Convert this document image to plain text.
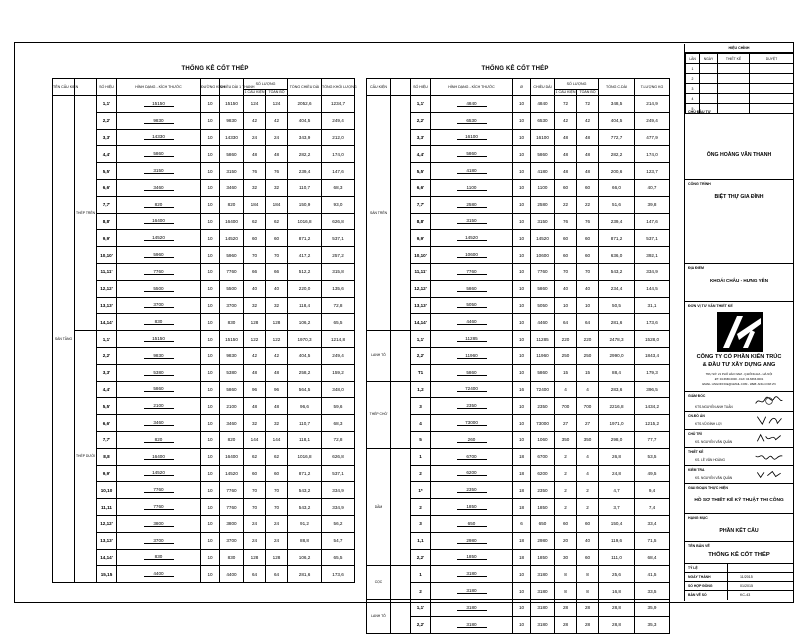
THỐNG KÊ CỐT THÉP
TÊN CẤU KIỆN		SỐ HIỆU	HÌNH DẠNG - KÍCH THƯỚC	ĐƯỜNG KÍNH	CHIỀU DÀI 1 THANH	SỐ LƯỢNG		TỔNG CHIỀU DÀI	TỔNG KHỐI LƯỢNG
						1 CẤU KIỆN	TOÀN BỘ		
SÀN TẦNG	THÉP TRÊN	1,1'	15150	10	15150	124	124	2052,6	1234,7
		2,2'	9830	10	9830	42	42	404,5	249,4
		3,3'	14330	10	14330	24	24	343,9	212,0
		4,4'	5860	10	5860	48	48	282,2	174,0
		5,5'	3150	10	3150	76	76	239,4	147,6
		6,6'	3460	10	3460	32	32	110,7	68,3
		7,7'	820	10	820	184	184	150,9	93,0
		8,8'	16400	10	16400	62	62	1016,8	626,8
		9,9'	14520	10	14520	60	60	871,2	537,1
		10,10'	5960	10	5960	70	70	417,2	257,2
		11,11'	7760	10	7760	66	66	512,2	315,8
		12,12'	5500	10	5500	40	40	220,0	135,6
		13,13'	3700	10	3700	32	32	118,4	72,8
		14,14'	830	10	830	128	128	106,2	65,5
	THÉP DƯỚI	1,1'	15150	10	15150	122	122	1970,3	1214,8
		2,2'	9830	10	9830	42	42	404,5	249,4
		3,3'	5380	10	5380	48	48	258,2	159,2
		4,4'	5860	10	5860	96	96	564,5	348,0
		5,5'	2100	10	2100	48	48	96,6	59,6
		6,6'	3460	10	3460	32	32	110,7	68,3
		7,7'	820	10	820	144	144	118,1	72,8
		8,8	16400	10	16400	62	62	1016,8	626,8
		9,9'	14520	10	14520	60	60	871,2	537,1
		10,10	7760	10	7760	70	70	543,2	334,9
		11,11	7760	10	7760	70	70	543,2	334,9
		12,12'	3800	10	3800	24	24	91,2	56,2
		13,13'	3700	10	3700	24	24	88,8	54,7
		14,14'	830	10	830	128	128	106,2	65,5
		15,15	4400	10	4400	64	64	281,6	173,6
THỐNG KÊ CỐT THÉP
CẤU KIỆN		SỐ HIỆU	HÌNH DẠNG - KÍCH THƯỚC	Ø	CHIỀU DÀI	SỐ LƯỢNG		TỔNG C.DÀI	T.LƯỢNG KG
						1 CẤU KIỆN	TOÀN BỘ		
SÀN TRÊN		1,1'	4840	10	4840	72	72	348,5	214,9
		2,2'	6530	10	6530	42	42	404,5	249,4
		3,3'	16100	10	16100	48	48	772,7	477,9
		4,4'	5860	10	5860	48	48	282,2	174,0
		5,5'	4180	10	4180	48	48	200,6	123,7
		6,6'	1100	10	1100	60	60	66,0	40,7
		7,7'	2580	10	2580	22	22	51,6	39,8
		8,8'	3150	10	3150	76	76	239,4	147,6
		9,9'	14520	10	14520	60	60	871,2	537,1
		10,10'	10600	10	10600	60	60	636,0	392,1
		11,11'	7760	10	7760	70	70	543,2	334,9
		12,12'	5860	10	5860	40	40	234,4	144,5
		13,13'	5050	10	5050	10	10	50,5	31,1
		14,14'	4460	10	4460	64	64	281,6	173,6
LANH TÔ		1,1'	11285	10	11285	220	220	2478,3	1528,0
		2,2'	11960	10	11960	250	250	2990,0	1843,4
		T1	5860	10	5860	15	15	88,4	179,3
THÉP CHỜ		1,2	72400	16	72400	4	4	283,6	396,5
		3	2350	10	2350	700	700	2216,8	1434,2
		4	73000	10	73000	27	27	1971,0	1215,2
		5	260	10	1060	350	350	298,0	77,7
DẦM		1	6700	18	6700	2	4	26,8	53,5
		2	6200	18	6200	2	4	24,8	49,5
		1*	2350	18	2350	2	2	4,7	9,4
		2	1850	18	1850	2	2	3,7	7,4
		3	650	6	650	60	60	150,4	33,4
		1,1	2980	18	2980	20	40	119,6	71,5
		2,2'	1850	18	1850	30	60	111,0	68,4
CỌC		1	3180	10	3180	8	8	25,6	41,5
		2	3180	10	3180	8	8	16,8	33,5
LANH TÔ		1,1'	3180	10	3180	28	28	28,8	35,9
		2,2'	3180	10	3180	28	28	28,8	35,3
HIỆU CHỈNH
LẦN	NGÀY	THIẾT KẾ	DUYỆT
1			
2			
3			
4			
5			
CHỦ ĐẦU TƯ
ÔNG HOÀNG VĂN THANH
CÔNG TRÌNH
BIỆT THỰ GIA ĐÌNH
ĐỊA ĐIỂM
KHOÁI CHÂU - HƯNG YÊN
ĐƠN VỊ TƯ VẤN THIẾT KẾ
CÔNG TY CỔ PHẦN KIẾN TRÚC
& ĐẦU TƯ XÂY DỰNG ANG
TRỤ SỞ: 21 PHỐ HÀO NAM - Q.ĐỐNG ĐA - HÀ NỘI
ĐT: 04.6666.0000 - FAX: 04.6666.0001
EMAIL: ANGOFFICE@GMAIL.COM - WEB: ANG.COM.VN
GIÁM ĐỐC
KTS.NGUYỄN ANH TUẤN
CN.ĐỒ ÁN
KTS.VŨ ĐÌNH LỢI
CHỦ TRÌ
KS. NGUYỄN VĂN QUÂN
THIẾT KẾ
KS. LÊ VĂN HOÀNG
KIỂM TRA
KS. NGUYỄN VĂN QUÂN
GIAI ĐOẠN THỰC HIỆN
HỒ SƠ THIẾT KẾ KỸ THUẬT THI CÔNG
HẠNG MỤC
PHẦN KẾT CẤU
TÊN BẢN VẼ
THỐNG KÊ CỐT THÉP
TỶ LỆ
NGÀY THÀNH	11/2015
SỐ HỢP ĐỒNG	01/2015
BẢN VẼ SỐ	KC-43
